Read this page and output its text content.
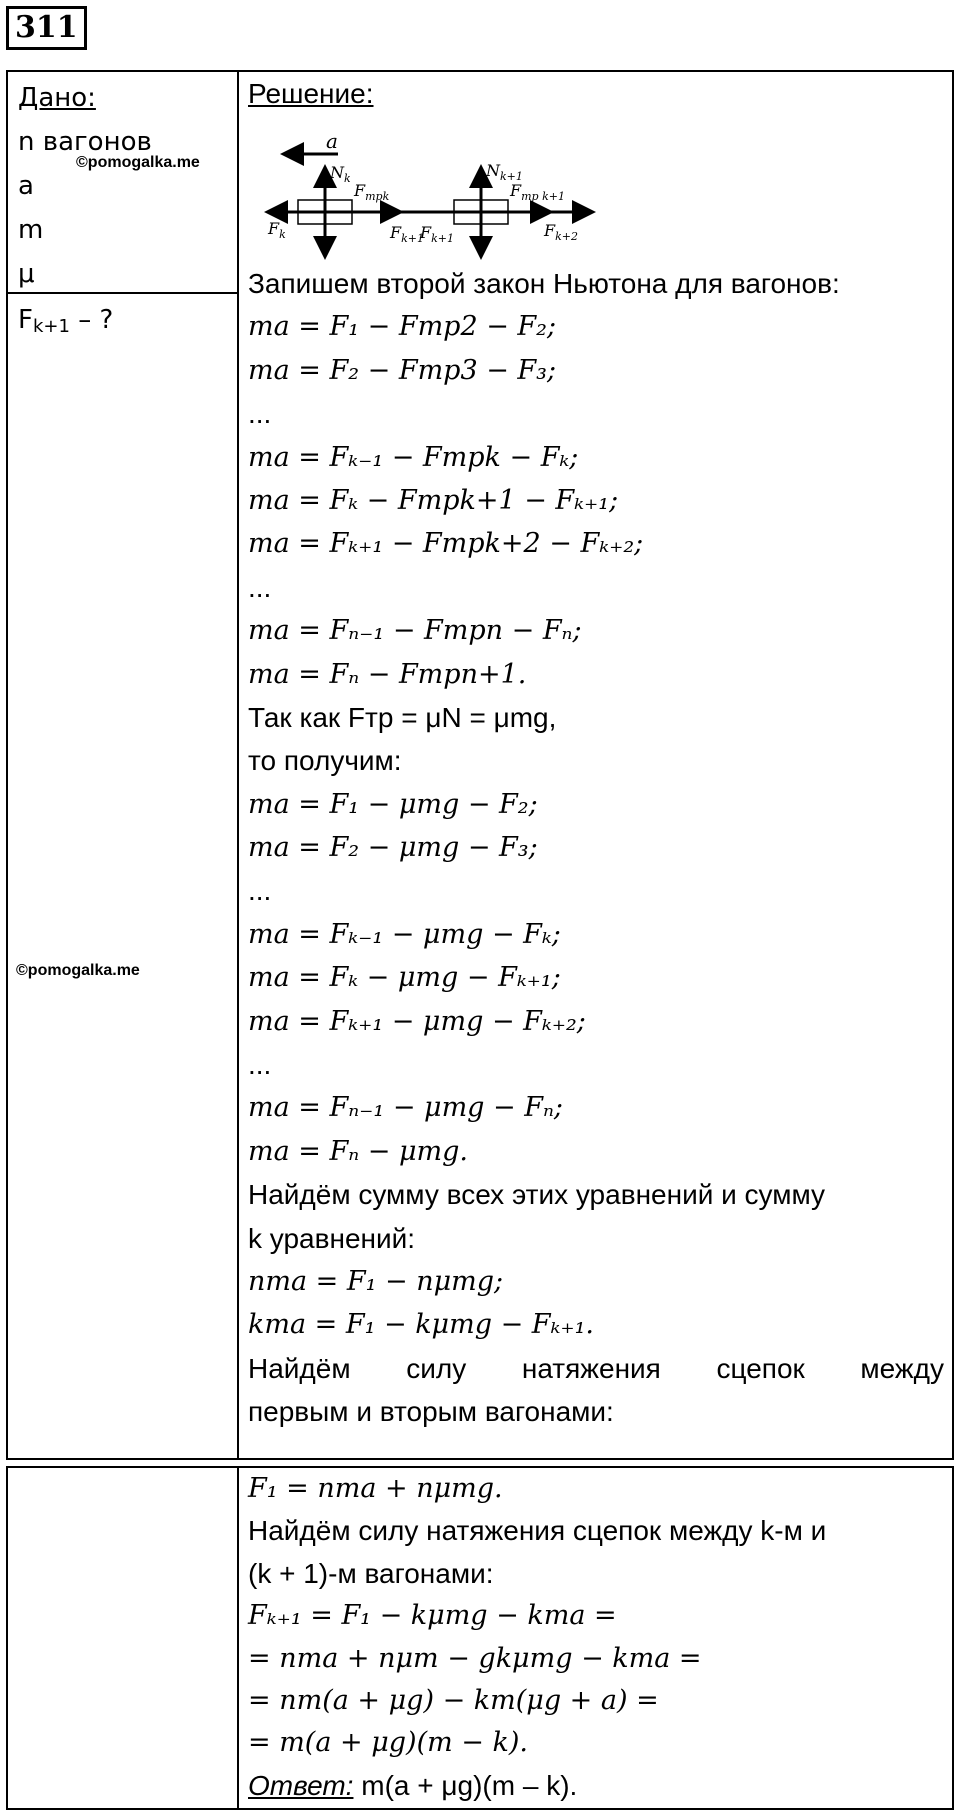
311
Дано:
n вагонов
a
m
μ
©pomogalka.me
$F_{k+1}$ – ?
©pomogalka.me
Решение:
a
$N_k$
$F_{трk}$
$F_k$	$F_{k+1}$
$F_{k+1}$
$N_{k+1}$
$F_{тр k+1}$
$F_{k+2}$
Запишем второй закон Ньютона для вагонов:
ma = F₁ − Fтр2 − F₂;
ma = F₂ − Fтр3 − F₃;
...
ma = Fₖ₋₁ − Fтрk − Fₖ;
ma = Fₖ − Fтрk+1 − Fₖ₊₁;
ma = Fₖ₊₁ − Fтрk+2 − Fₖ₊₂;
...
ma = Fₙ₋₁ − Fтрn − Fₙ;
ma = Fₙ − Fтрn+1.
Так как Fтр = μN = μmg,
то получим:
ma = F₁ − μmg − F₂;
ma = F₂ − μmg − F₃;
...
ma = Fₖ₋₁ − μmg − Fₖ;
ma = Fₖ − μmg − Fₖ₊₁;
ma = Fₖ₊₁ − μmg − Fₖ₊₂;
...
ma = Fₙ₋₁ − μmg − Fₙ;
ma = Fₙ − μmg.
Найдём сумму всех этих уравнений и сумму
k уравнений:
nma = F₁ − nμmg;
kma = F₁ − kμmg − Fₖ₊₁.
Найдём силу натяжения сцепок между
первым и вторым вагонами:
F₁ = nma + nμmg.
Найдём силу натяжения сцепок между k-м и
(k + 1)-м вагонами:
Fₖ₊₁ = F₁ − kμmg − kma =
= nma + nμm − gkμmg − kma =
= nm(a + μg) − km(μg + a) =
= m(a + μg)(m − k).
Ответ: m(a + μg)(m – k).
